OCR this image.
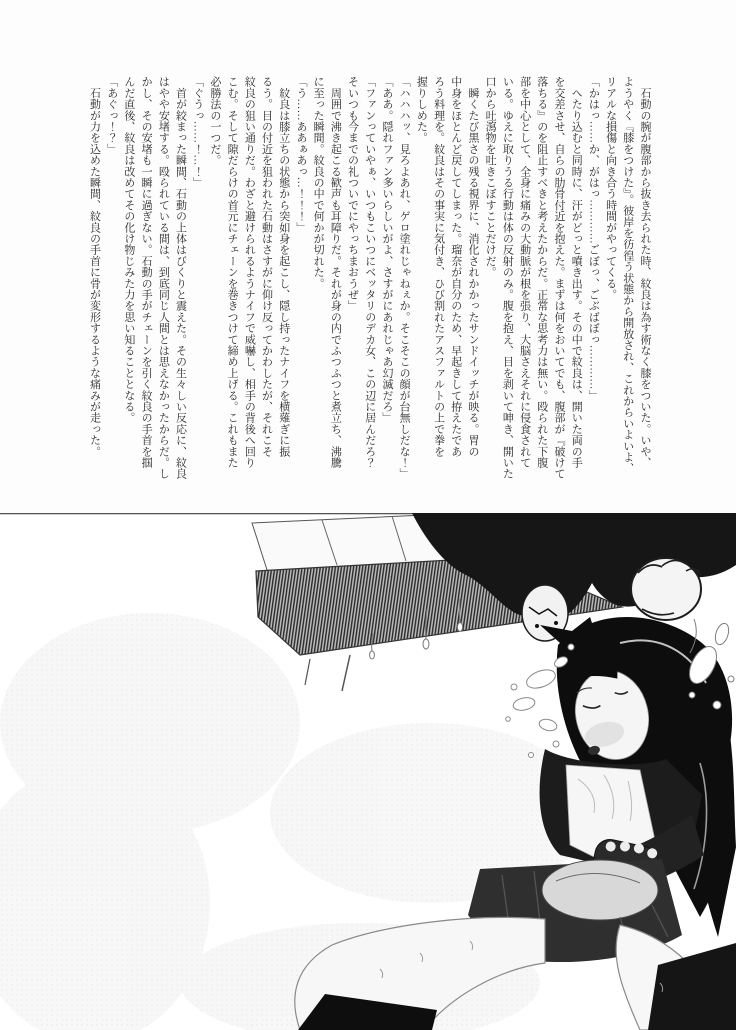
　石動の腕が腹部から抜き去られた時、紋良は為す術なく膝をついた。いや、

ようやく『膝をつけた』。彼岸を彷徨う状態から開放され、これからいよいよ、

リアルな損傷と向き合う時間がやってくる。

「かはっ……か、がはっ…………ごぼっ、ごぶばぼっ…………」

　へたり込むと同時に、汗がどっと噴き出す。その中で紋良は、開いた両の手

を交差させ、自らの肋骨付近を抱えた。まずは何をおいてでも、腹部が『破けて

落ちる』のを阻止すべきと考えたからだ。正常な思考力は無い。殴られた下腹

部を中心として、全身に痛みの大動脈が根を張り、大脳さえそれに侵食されて

いる。ゆえに取りうる行動は体の反射のみ。腹を抱え、目を剥いて呻き、開いた

口から吐瀉物を吐きこぼすことだけだ。

　瞬くたび黒さの残る視界に、消化されかかったサンドイッチが映る。胃の

中身をほとんど戻してしまった。瑠奈が自分のため、早起きして拵えたであ

ろう料理を。紋良はその事実に気付き、ひび割れたアスファルトの上で拳を

握りしめた。

「ハハハッ、見ろよあれ、ゲロ塗れじゃねぇか。そこそこの顔が台無しだな！」

「ああ。隠れファン多いらしいがよ、さすがにあれじゃあ幻滅だろ」

「ファンっていやぁ、いつもこいつにベッタリのデカ女、この辺に居んだろ？

そいつも今までの礼ついでにやっちまおうぜ」

　周囲で沸き起こる歓声も耳障りだ。それが身の内でふつふつと煮立ち、沸騰

に至った瞬間。紋良の中で何かが切れた。

「う……ああぁあっ…！！！」

　紋良は膝立ちの状態から突如身を起こし、隠し持ったナイフを横薙ぎに振

るう。目の付近を狙われた石動はさすがに仰け反ってかわしたが、それこそ

紋良の狙い通りだ。わざと避けられるようナイフで威嚇し、相手の背後へ回り

こむ。そして隙だらけの首元にチェーンを巻きつけて締め上げる。これもまた

必勝法の一つだ。

「ぐうっ……！…！」

　首が絞まった瞬間、石動の上体はびくりと震えた。その生々しい反応に、紋良

はやや安堵する。殴られている間は、到底同じ人間とは思えなかったからだ。し

かし、その安堵も一瞬に過ぎない。石動の手がチェーンを引く紋良の手首を掴

んだ直後、紋良は改めてその化け物じみた力を思い知ることとなる。

「あぐっ！？」

　石動が力を込めた瞬間、紋良の手首に骨が変形するような痛みが走った。
